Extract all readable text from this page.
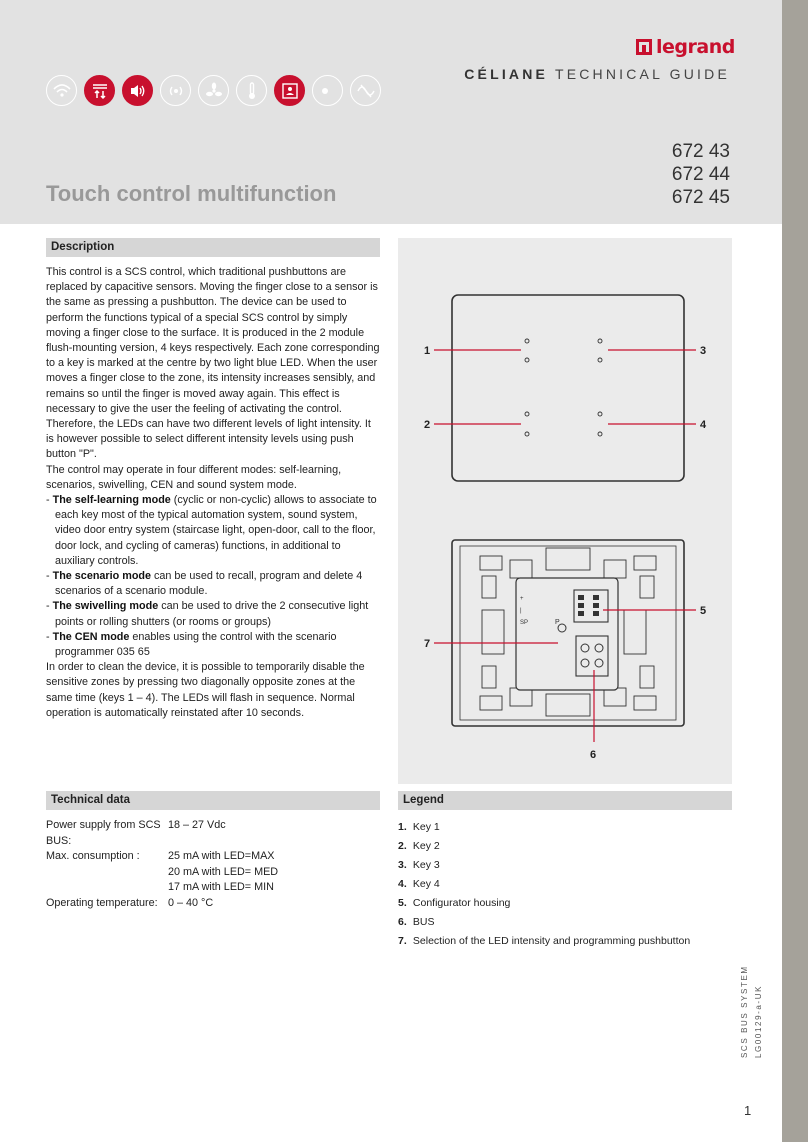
legrand
CÉLIANE TECHNICAL GUIDE
672 43
672 44
672 45
Touch control multifunction
Description

This control is a SCS control, which traditional pushbuttons are replaced by capacitive sensors. Moving the finger close to a sensor is the same as pressing a pushbutton. The device can be used to perform the functions typical of a special SCS control by simply moving a finger close to the surface. It is produced in the 2 module flush-mounting version, 4 keys respectively. Each zone corresponding to a key is marked at the centre by two light blue LED. When the user moves a finger close to the zone, its intensity increases sensibly, and remains so until the finger is moved away again. This effect is necessary to give the user the feeling of activating the control. Therefore, the LEDs can have two different levels of light intensity. It is however possible to select different intensity levels using push button "P".

The control may operate in four different modes: self-learning, scenarios, swivelling, CEN and sound system mode.

- The self-learning mode (cyclic or non-cyclic) allows to associate to each key most of the typical automation system, sound system, video door entry system (staircase light, open-door, call to the floor, door lock, and cycling of cameras) functions, in additional to auxiliary controls.

- The scenario mode can be used to recall, program and delete 4 scenarios of a scenario module.

- The swivelling mode can be used to drive the 2 consecutive light points or rolling shutters (or rooms or groups)

- The CEN mode enables using the control with the scenario programmer 035 65

In order to clean the device, it is possible to temporarily disable the sensitive zones by pressing two diagonally opposite zones at the same time (keys 1 – 4). The LEDs will flash in sequence. Normal operation is automatically reinstated after 10 seconds.

P
+
|
SP
1
2
3
4
5
6
7
Technical data
Power supply from SCS BUS:
18 – 27 Vdc
Max. consumption :	25 mA with LED=MAX
20 mA with LED= MED
17 mA with LED= MIN
Operating temperature: 0 – 40 °C
Legend
1. Key 1
2. Key 2
3. Key 3
4. Key 4
5. Configurator housing
6. BUS
7. Selection of the LED intensity and programming pushbutton
SCS BUS SYSTEM LG00129-a-UK
1
